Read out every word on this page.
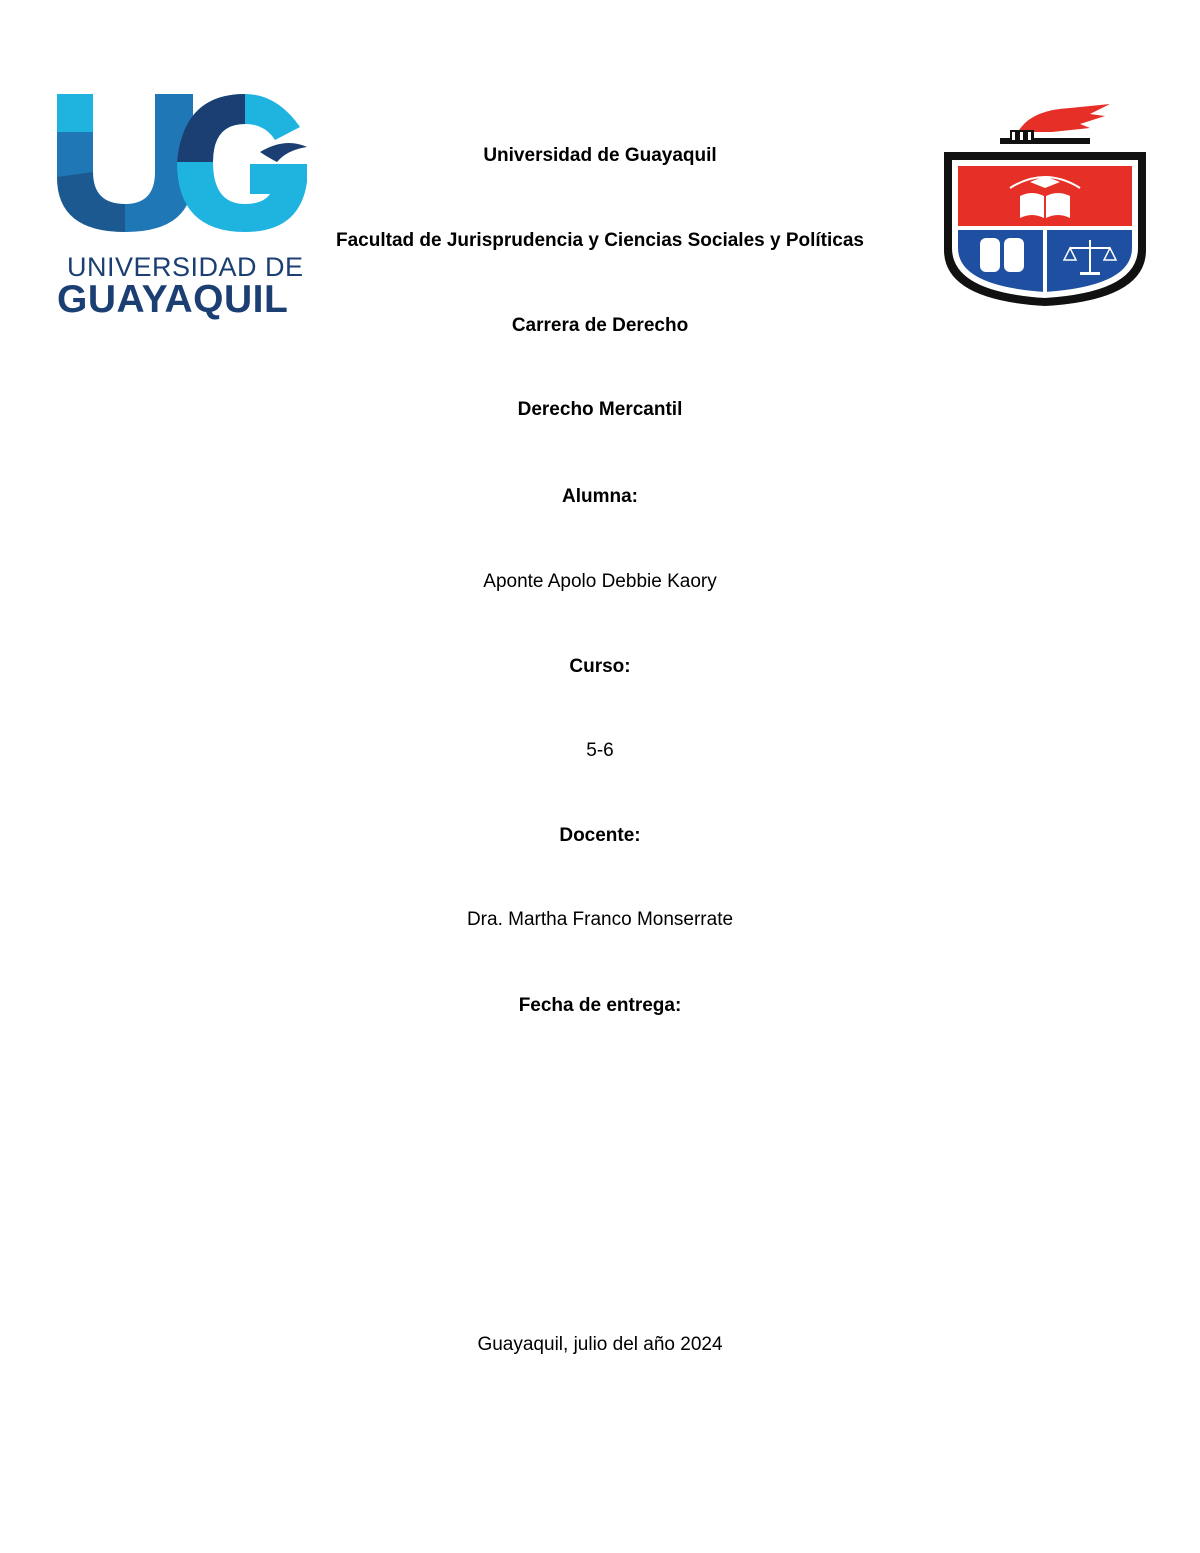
UNIVERSIDAD DE
GUAYAQUIL
Universidad de Guayaquil
Facultad de Jurisprudencia y Ciencias Sociales y Políticas
Carrera de Derecho
Derecho Mercantil
Alumna:
Aponte Apolo Debbie Kaory
Curso:
5-6
Docente:
Dra. Martha Franco Monserrate
Fecha de entrega:
Guayaquil, julio del año 2024
